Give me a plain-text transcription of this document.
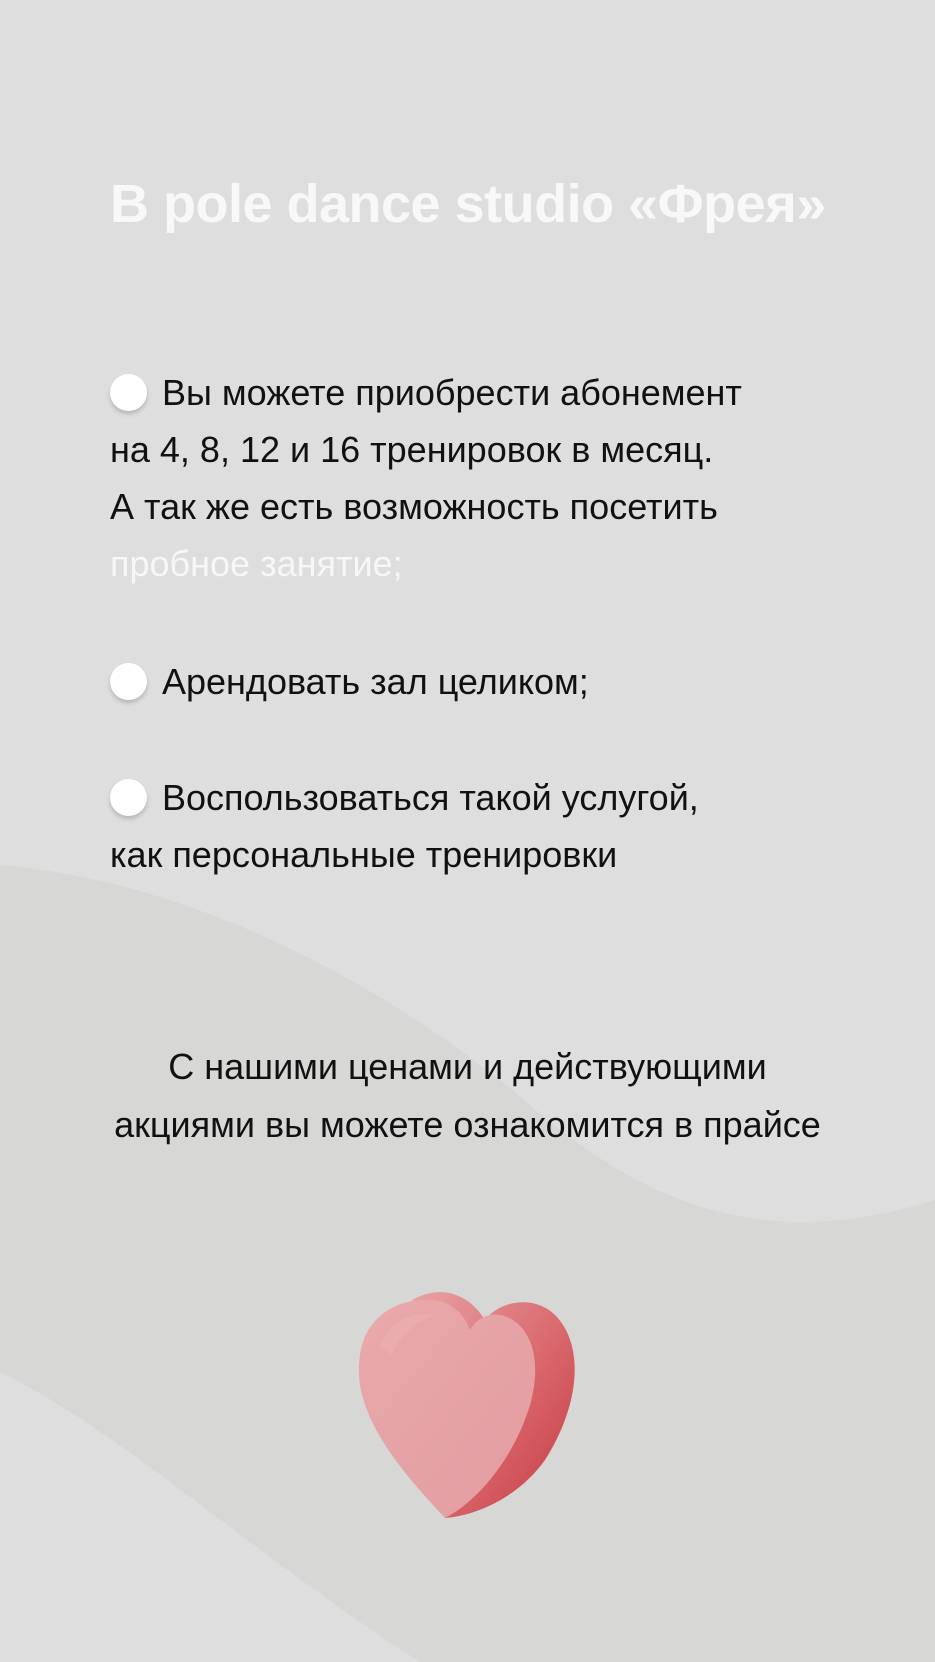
В pole dance studio «Фрея»
Вы можете приобрести абонемент
на 4, 8, 12 и 16 тренировок в месяц.
А так же есть возможность посетить
пробное занятие;
Арендовать зал целиком;
Воспользоваться такой услугой,
как персональные тренировки
С нашими ценами и действующими
акциями вы можете ознакомится в прайсе
